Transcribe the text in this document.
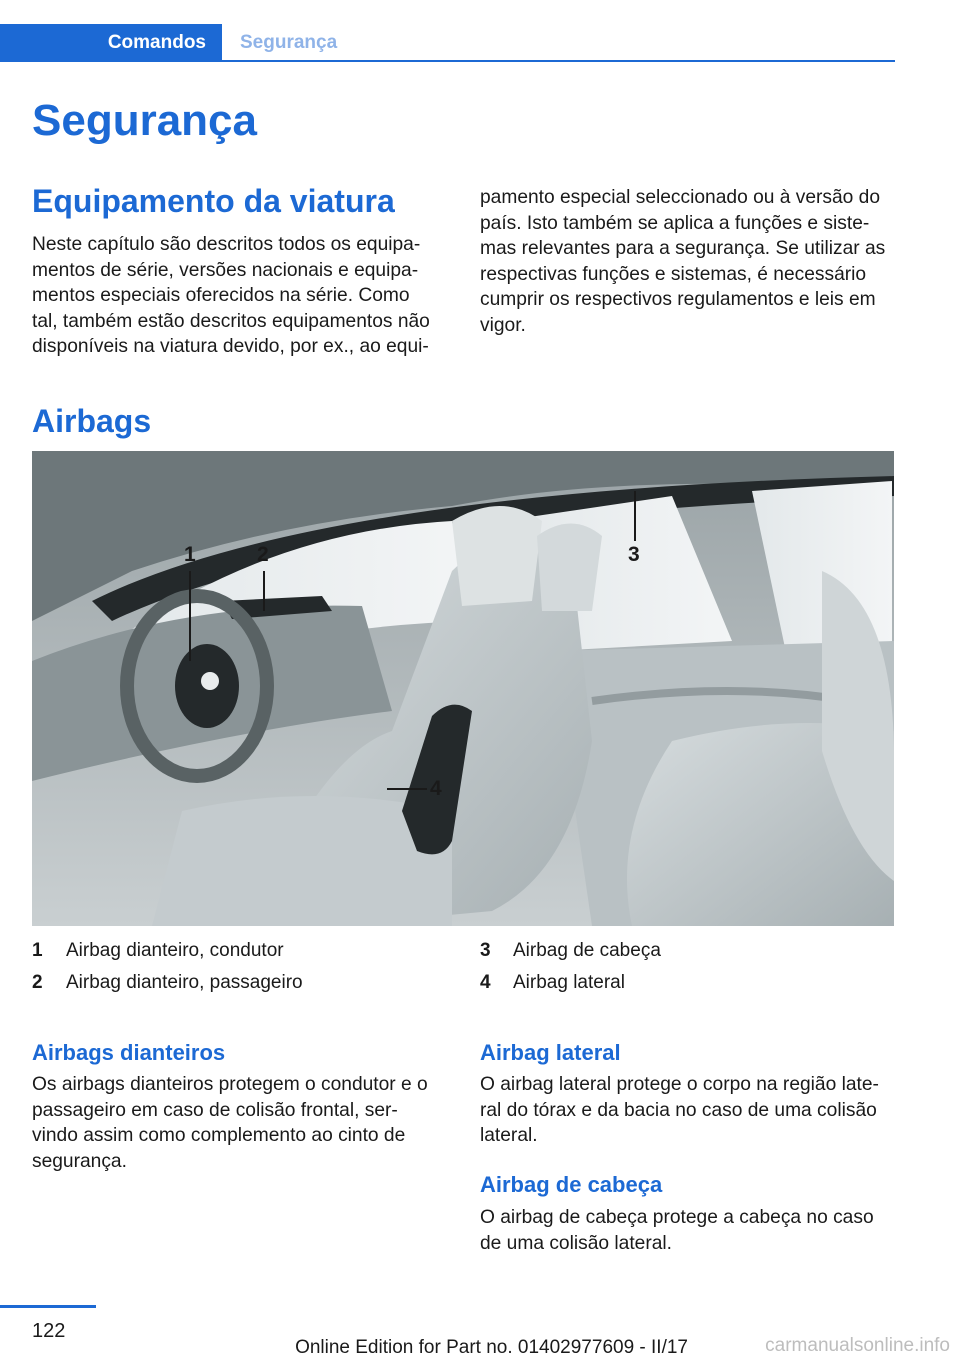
Comandos	Segurança
Segurança
Equipamento da viatura
Neste capítulo são descritos todos os equipa‐
mentos de série, versões nacionais e equipa‐
mentos especiais oferecidos na série. Como
tal, também estão descritos equipamentos não
disponíveis na viatura devido, por ex., ao equi‐
pamento especial seleccionado ou à versão do
país. Isto também se aplica a funções e siste‐
mas relevantes para a segurança. Se utilizar as
respectivas funções e sistemas, é necessário
cumprir os respectivos regulamentos e leis em
vigor.
Airbags
1	2	3
4
1 Airbag dianteiro, condutor
2 Airbag dianteiro, passageiro
3 Airbag de cabeça
4 Airbag lateral
Airbags dianteiros
Os airbags dianteiros protegem o condutor e o
passageiro em caso de colisão frontal, ser‐
vindo assim como complemento ao cinto de
segurança.
Airbag lateral
O airbag lateral protege o corpo na região late‐
ral do tórax e da bacia no caso de uma colisão
lateral.
Airbag de cabeça
O airbag de cabeça protege a cabeça no caso
de uma colisão lateral.
122
Online Edition for Part no. 01402977609 - II/17	carmanualsonline.info
